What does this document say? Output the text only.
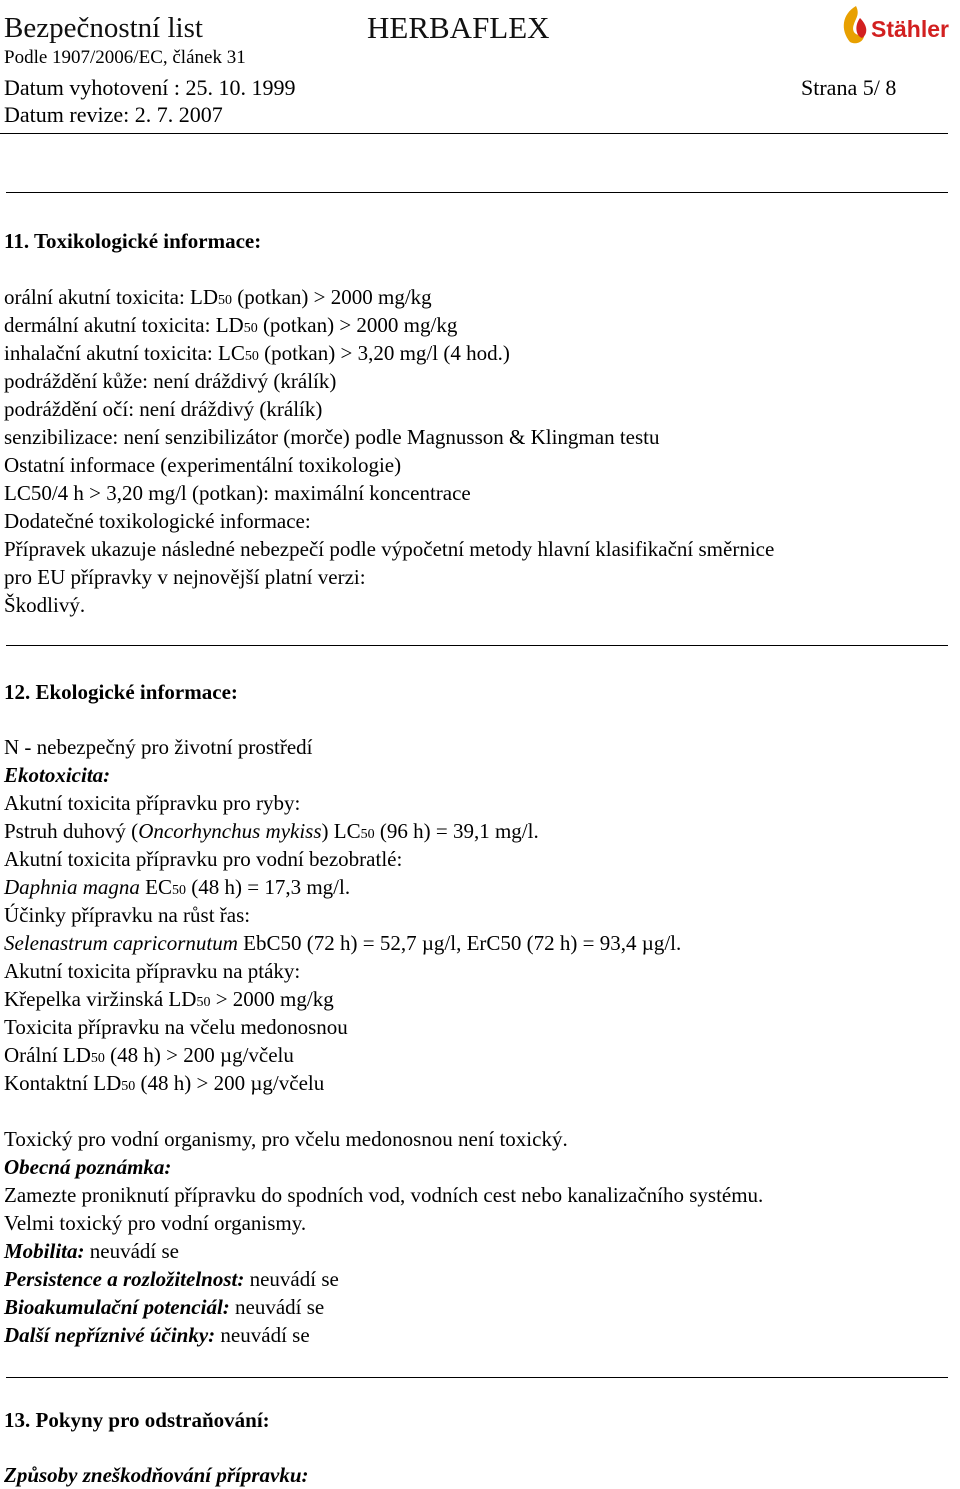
Bezpečnostní list	HERBAFLEX	Stähler
Podle 1907/2006/EC, článek 31
Datum vyhotovení : 25. 10. 1999	Strana 5/ 8
Datum revize: 2. 7. 2007
11. Toxikologické informace:
orální akutní toxicita: LD50 (potkan) > 2000 mg/kg
dermální akutní toxicita: LD50 (potkan) > 2000 mg/kg
inhalační akutní toxicita: LC50 (potkan) > 3,20 mg/l (4 hod.)
podráždění kůže: není dráždivý (králík)
podráždění očí: není dráždivý (králík)
senzibilizace: není senzibilizátor (morče) podle Magnusson & Klingman testu
Ostatní informace (experimentální toxikologie)
LC50/4 h > 3,20 mg/l (potkan): maximální koncentrace
Dodatečné toxikologické informace:
Přípravek ukazuje následné nebezpečí podle výpočetní metody hlavní klasifikační směrnice
pro EU přípravky v nejnovější platní verzi:
Škodlivý.
12. Ekologické informace:
N - nebezpečný pro životní prostředí
Ekotoxicita:
Akutní toxicita přípravku pro ryby:
Pstruh duhový (Oncorhynchus mykiss) LC50 (96 h) = 39,1 mg/l.
Akutní toxicita přípravku pro vodní bezobratlé:
Daphnia magna EC50 (48 h) = 17,3 mg/l.
Účinky přípravku na růst řas:
Selenastrum capricornutum EbC50 (72 h) = 52,7 µg/l, ErC50 (72 h) = 93,4 µg/l.
Akutní toxicita přípravku na ptáky:
Křepelka viržinská LD50 > 2000 mg/kg
Toxicita přípravku na včelu medonosnou
Orální LD50 (48 h) > 200 µg/včelu
Kontaktní LD50 (48 h) > 200 µg/včelu
Toxický pro vodní organismy, pro včelu medonosnou není toxický.
Obecná poznámka:
Zamezte proniknutí přípravku do spodních vod, vodních cest nebo kanalizačního systému.
Velmi toxický pro vodní organismy.
Mobilita: neuvádí se
Persistence a rozložitelnost: neuvádí se
Bioakumulační potenciál: neuvádí se
Další nepříznivé účinky: neuvádí se
13. Pokyny pro odstraňování:
Způsoby zneškodňování přípravku:
